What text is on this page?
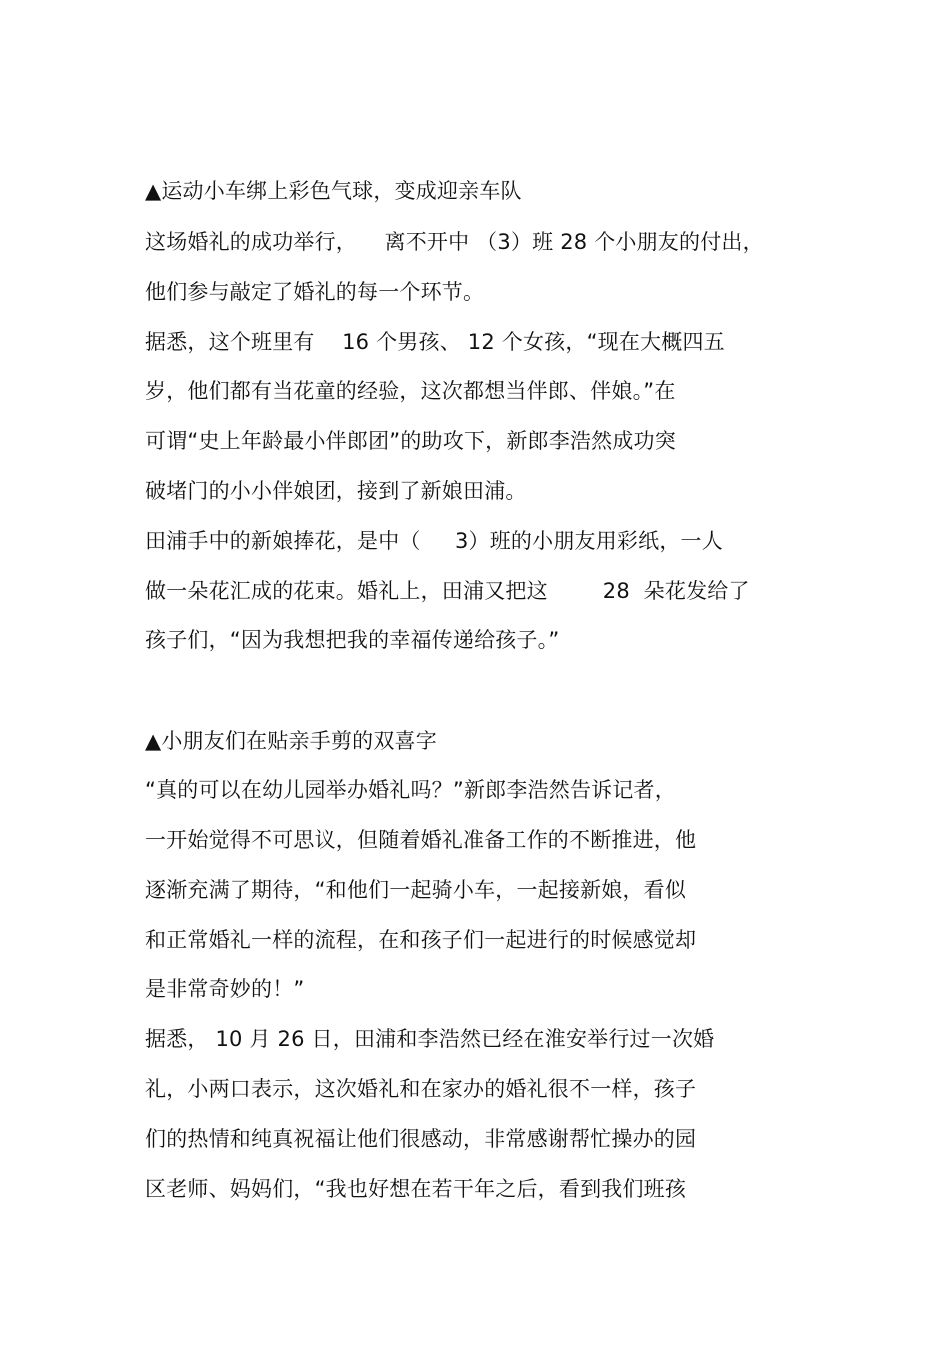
▲运动小车绑上彩色气球，变成迎亲车队
这场婚礼的成功举行，    离不开中 （3）班 28 个小朋友的付出，
他们参与敲定了婚礼的每一个环节。
据悉，这个班里有    16 个男孩、 12 个女孩，“现在大概四五
岁，他们都有当花童的经验，这次都想当伴郎、伴娘。”在
可谓“史上年龄最小伴郎团”的助攻下，新郎李浩然成功突
破堵门的小小伴娘团，接到了新娘田浦。
田浦手中的新娘捧花，是中（     3）班的小朋友用彩纸，一人
做一朵花汇成的花束。婚礼上，田浦又把这        28  朵花发给了
孩子们，“因为我想把我的幸福传递给孩子。”
▲小朋友们在贴亲手剪的双喜字
“真的可以在幼儿园举办婚礼吗？”新郎李浩然告诉记者，
一开始觉得不可思议，但随着婚礼准备工作的不断推进，他
逐渐充满了期待，“和他们一起骑小车，一起接新娘，看似
和正常婚礼一样的流程，在和孩子们一起进行的时候感觉却
是非常奇妙的！”
据悉， 10 月 26 日，田浦和李浩然已经在淮安举行过一次婚
礼，小两口表示，这次婚礼和在家办的婚礼很不一样，孩子
们的热情和纯真祝福让他们很感动，非常感谢帮忙操办的园
区老师、妈妈们，“我也好想在若干年之后，看到我们班孩
